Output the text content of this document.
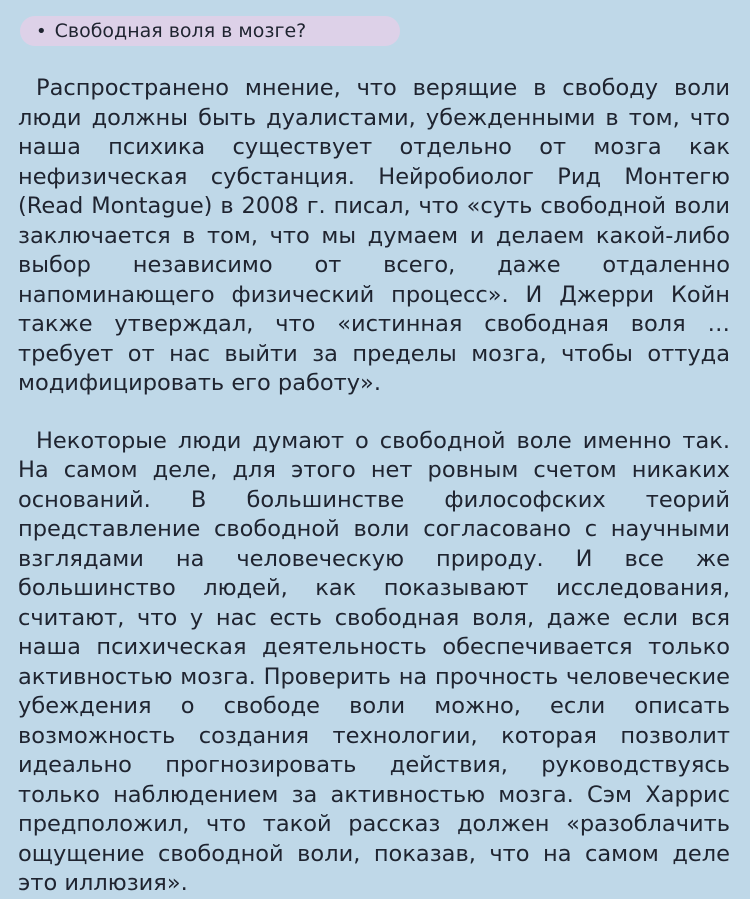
• Свободная воля в мозге?

Распространено мнение, что верящие в свободу воли люди должны быть дуалистами, убежденными в том, что наша психика существует отдельно от мозга как нефизическая субстанция. Нейробиолог Рид Монтегю (Read Montague) в 2008 г. писал, что «суть свободной воли заключается в том, что мы думаем и делаем какой-либо выбор независимо от всего, даже отдаленно напоминающего физический процесс». И Джерри Койн также утверждал, что «истинная свободная воля … требует от нас выйти за пределы мозга, чтобы оттуда модифицировать его работу».

Некоторые люди думают о свободной воле именно так. На самом деле, для этого нет ровным счетом никаких оснований. В большинстве философских теорий представление свободной воли согласовано с научными взглядами на человеческую природу. И все же большинство людей, как показывают исследования, считают, что у нас есть свободная воля, даже если вся наша психическая деятельность обеспечивается только активностью мозга. Проверить на прочность человеческие убеждения о свободе воли можно, если описать возможность создания технологии, которая позволит идеально прогнозировать действия, руководствуясь только наблюдением за активностью мозга. Сэм Харрис предположил, что такой рассказ должен «разоблачить ощущение свободной воли, показав, что на самом деле это иллюзия».
